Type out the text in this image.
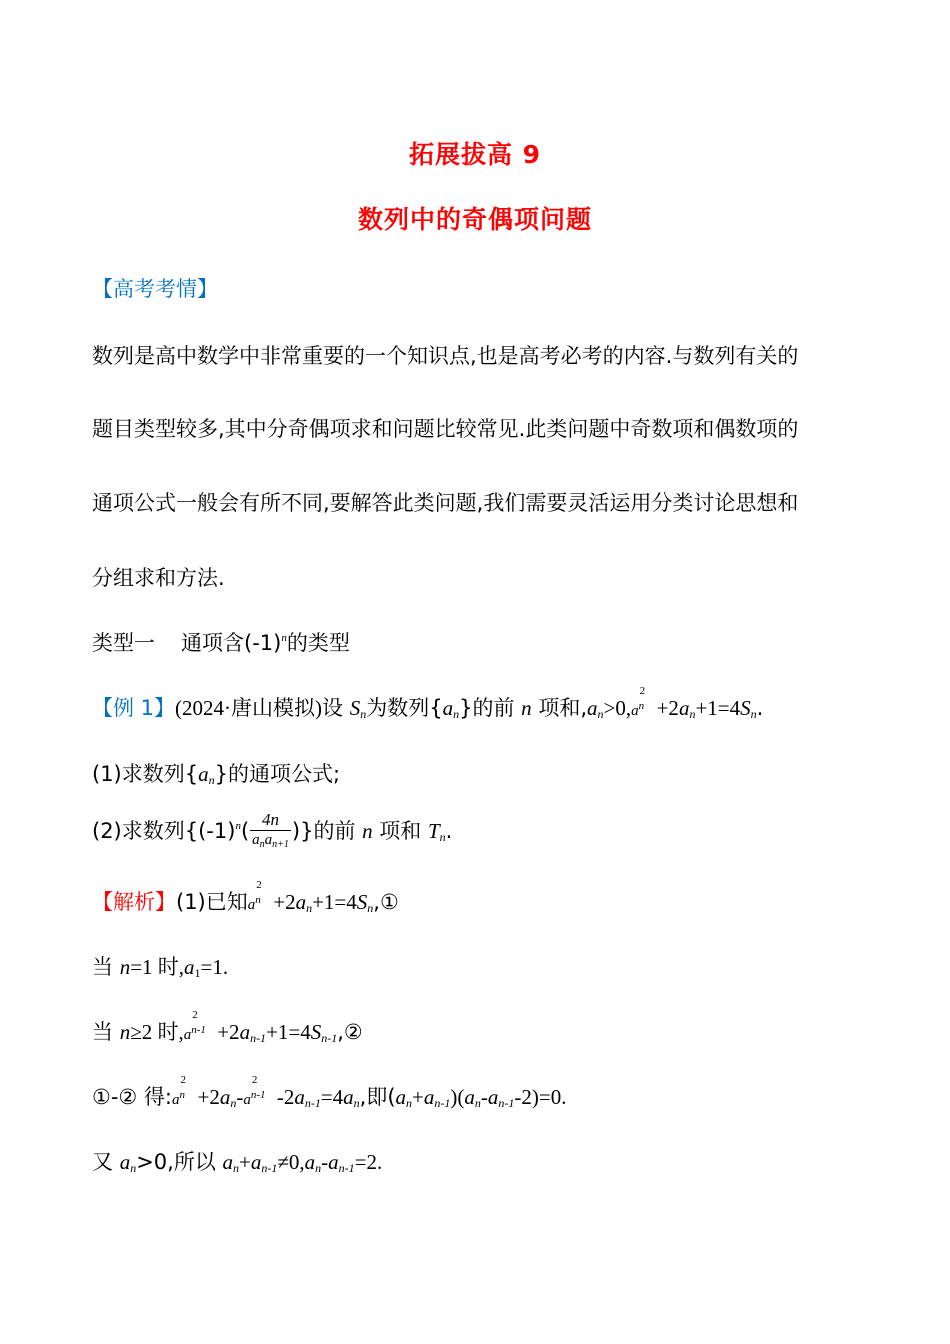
拓展拔高 9
数列中的奇偶项问题
【高考考情】
数列是高中数学中非常重要的一个知识点,也是高考必考的内容.与数列有关的
题目类型较多,其中分奇偶项求和问题比较常见.此类问题中奇数项和偶数项的
通项公式一般会有所不同,要解答此类问题,我们需要灵活运用分类讨论思想和
分组求和方法.
类型一 通项含$(-1)^n$的类型
【例 1】(2024·唐山模拟)设 $S_n$为数列$\{a_n\}$的前 n 项和$,a_n>0,a$
2
$n +2a_n+1=4S_n$.
(1)求数列$\{a_n\}$的通项公式;
(2)求数列{$(-1)^n( \frac{4n}{a_na_{n+1}}$ )}的前 n 项和 $T_n$.
【解析】(1)已知a
2
$n +2a_n+1=4S_n,①$
当 n=1 时,a1=1.
当 n≥2 时,a
2
$n-1 +2a_{n-1}+1=4S_{n-1},②$
①-② 得:a
2
$n +2a_n-a$
2
n-1 $-2a_{n-1}=4a_n$,即$(a_n+a_{n-1})(a_n-a_{n-1}-2)=0$.
又 $a_n>0$,所以 $a_n+a_{n-1}\ne 0,a_n-a_{n-1}=2$.
